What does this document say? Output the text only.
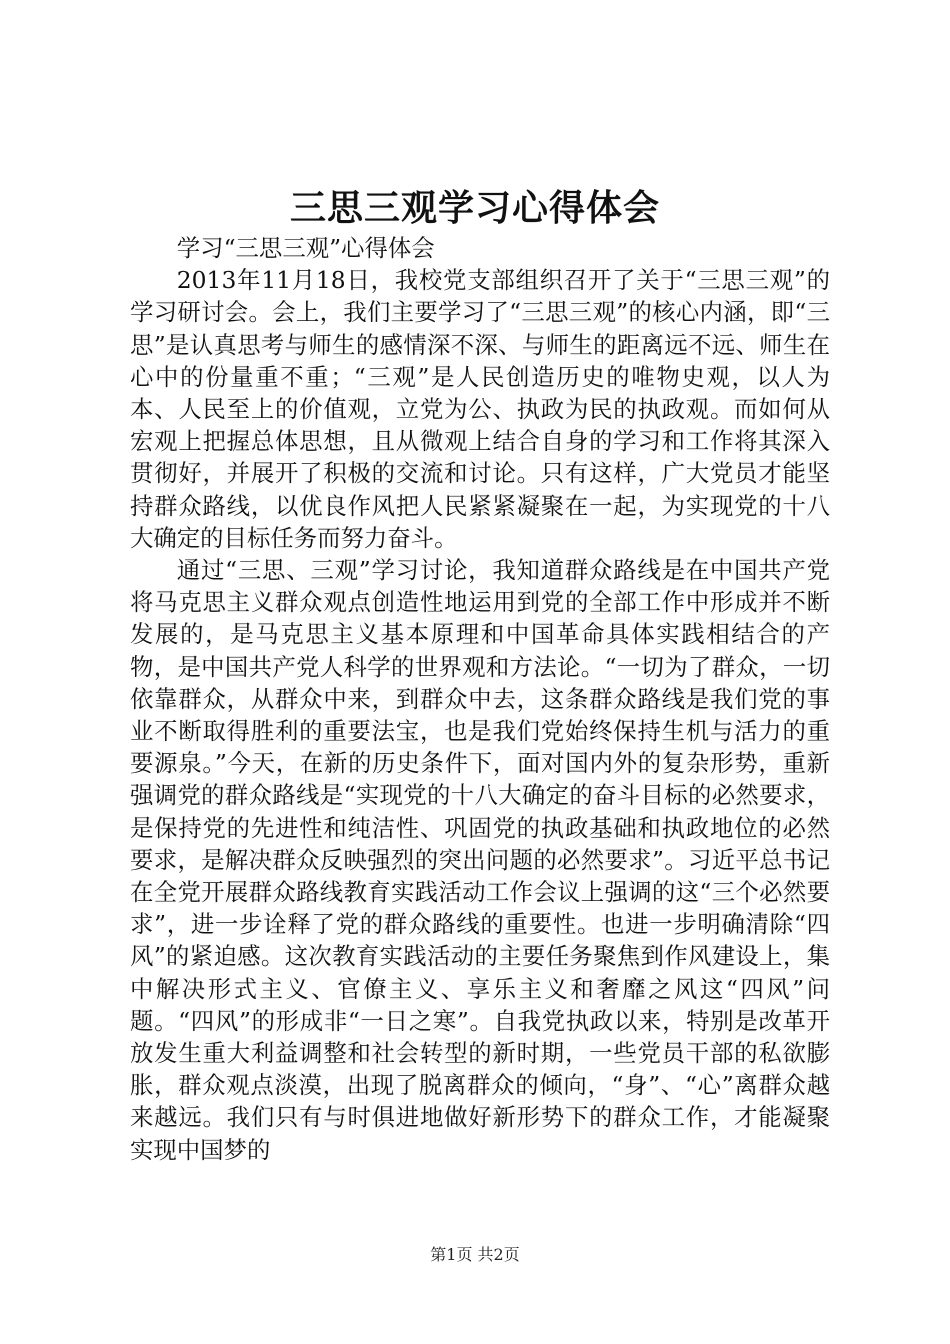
三思三观学习心得体会

学习“三思三观”心得体会

2013年11月18日，我校党支部组织召开了关于“三思三观”的学习研讨会。会上，我们主要学习了“三思三观”的核心内涵，即“三思”是认真思考与师生的感情深不深、与师生的距离远不远、师生在心中的份量重不重；“三观”是人民创造历史的唯物史观，以人为本、人民至上的价值观，立党为公、执政为民的执政观。而如何从宏观上把握总体思想，且从微观上结合自身的学习和工作将其深入贯彻好，并展开了积极的交流和讨论。只有这样，广大党员才能坚持群众路线，以优良作风把人民紧紧凝聚在一起，为实现党的十八大确定的目标任务而努力奋斗。

通过“三思、三观”学习讨论，我知道群众路线是在中国共产党将马克思主义群众观点创造性地运用到党的全部工作中形成并不断发展的，是马克思主义基本原理和中国革命具体实践相结合的产物，是中国共产党人科学的世界观和方法论。“一切为了群众，一切依靠群众，从群众中来，到群众中去，这条群众路线是我们党的事业不断取得胜利的重要法宝，也是我们党始终保持生机与活力的重要源泉。”今天，在新的历史条件下，面对国内外的复杂形势，重新强调党的群众路线是“实现党的十八大确定的奋斗目标的必然要求，是保持党的先进性和纯洁性、巩固党的执政基础和执政地位的必然要求，是解决群众反映强烈的突出问题的必然要求”。习近平总书记在全党开展群众路线教育实践活动工作会议上强调的这“三个必然要求”，进一步诠释了党的群众路线的重要性。也进一步明确清除“四风”的紧迫感。这次教育实践活动的主要任务聚焦到作风建设上，集中解决形式主义、官僚主义、享乐主义和奢靡之风这“四风”问题。“四风”的形成非“一日之寒”。自我党执政以来，特别是改革开放发生重大利益调整和社会转型的新时期，一些党员干部的私欲膨胀，群众观点淡漠，出现了脱离群众的倾向，“身”、“心”离群众越来越远。我们只有与时俱进地做好新形势下的群众工作，才能凝聚实现中国梦的

第1页 共2页
